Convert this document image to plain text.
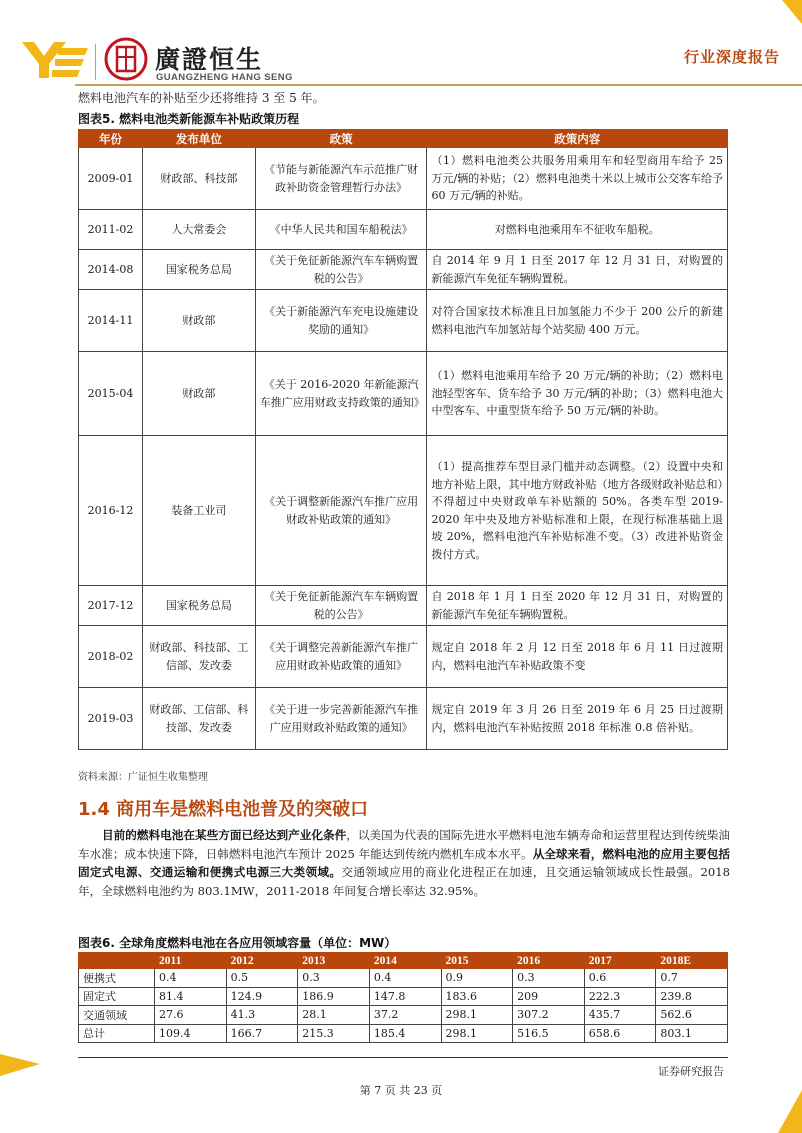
廣證恒生
GUANGZHENG HANG SENG
行业深度报告
燃料电池汽车的补贴至少还将维持 3 至 5 年。
图表5. 燃料电池类新能源车补贴政策历程
年份	发布单位	政策	政策内容
2009-01	财政部、科技部	《节能与新能源汽车示范推广财政补助资金管理暂行办法》	（1）燃料电池类公共服务用乘用车和轻型商用车给予 25 万元/辆的补贴；（2）燃料电池类十米以上城市公交客车给予 60 万元/辆的补贴。
2011-02	人大常委会	《中华人民共和国车船税法》	对燃料电池乘用车不征收车船税。
2014-08	国家税务总局	《关于免征新能源汽车车辆购置税的公告》	自 2014 年 9 月 1 日至 2017 年 12 月 31 日，对购置的新能源汽车免征车辆购置税。
2014-11	财政部	《关于新能源汽车充电设施建设奖励的通知》	对符合国家技术标准且日加氢能力不少于 200 公斤的新建燃料电池汽车加氢站每个站奖励 400 万元。
2015-04	财政部	《关于 2016-2020 年新能源汽车推广应用财政支持政策的通知》	（1）燃料电池乘用车给予 20 万元/辆的补助；（2）燃料电池轻型客车、货车给予 30 万元/辆的补助；（3）燃料电池大中型客车、中重型货车给予 50 万元/辆的补助。
2016-12	装备工业司	《关于调整新能源汽车推广应用财政补贴政策的通知》	（1）提高推荐车型目录门槛并动态调整。（2）设置中央和地方补贴上限，其中地方财政补贴（地方各级财政补贴总和）不得超过中央财政单车补贴额的 50%。各类车型 2019-2020 年中央及地方补贴标准和上限，在现行标准基础上退坡 20%，燃料电池汽车补贴标准不变。（3）改进补贴资金拨付方式。
2017-12	国家税务总局	《关于免征新能源汽车车辆购置税的公告》	自 2018 年 1 月 1 日至 2020 年 12 月 31 日，对购置的新能源汽车免征车辆购置税。
2018-02	财政部、科技部、工信部、发改委	《关于调整完善新能源汽车推广应用财政补贴政策的通知》	规定自 2018 年 2 月 12 日至 2018 年 6 月 11 日过渡期内，燃料电池汽车补贴政策不变
2019-03	财政部、工信部、科技部、发改委	《关于进一步完善新能源汽车推广应用财政补贴政策的通知》	规定自 2019 年 3 月 26 日至 2019 年 6 月 25 日过渡期内，燃料电池汽车补贴按照 2018 年标准 0.8 倍补贴。
资料来源：广证恒生收集整理
1.4 商用车是燃料电池普及的突破口

目前的燃料电池在某些方面已经达到产业化条件，以美国为代表的国际先进水平燃料电池车辆寿命和运营里程达到传统柴油车水准；成本快速下降，日韩燃料电池汽车预计 2025 年能达到传统内燃机车成本水平。从全球来看，燃料电池的应用主要包括固定式电源、交通运输和便携式电源三大类领域。交通领域应用的商业化进程正在加速，且交通运输领域成长性最强。2018 年，全球燃料电池约为 803.1MW，2011-2018 年间复合增长率达 32.95%。

图表6. 全球角度燃料电池在各应用领域容量（单位：MW）
	2011	2012	2013	2014	2015	2016	2017	2018E
便携式	0.4	0.5	0.3	0.4	0.9	0.3	0.6	0.7
固定式	81.4	124.9	186.9	147.8	183.6	209	222.3	239.8
交通领域	27.6	41.3	28.1	37.2	298.1	307.2	435.7	562.6
总计	109.4	166.7	215.3	185.4	298.1	516.5	658.6	803.1
证券研究报告
第 7 页 共 23 页
